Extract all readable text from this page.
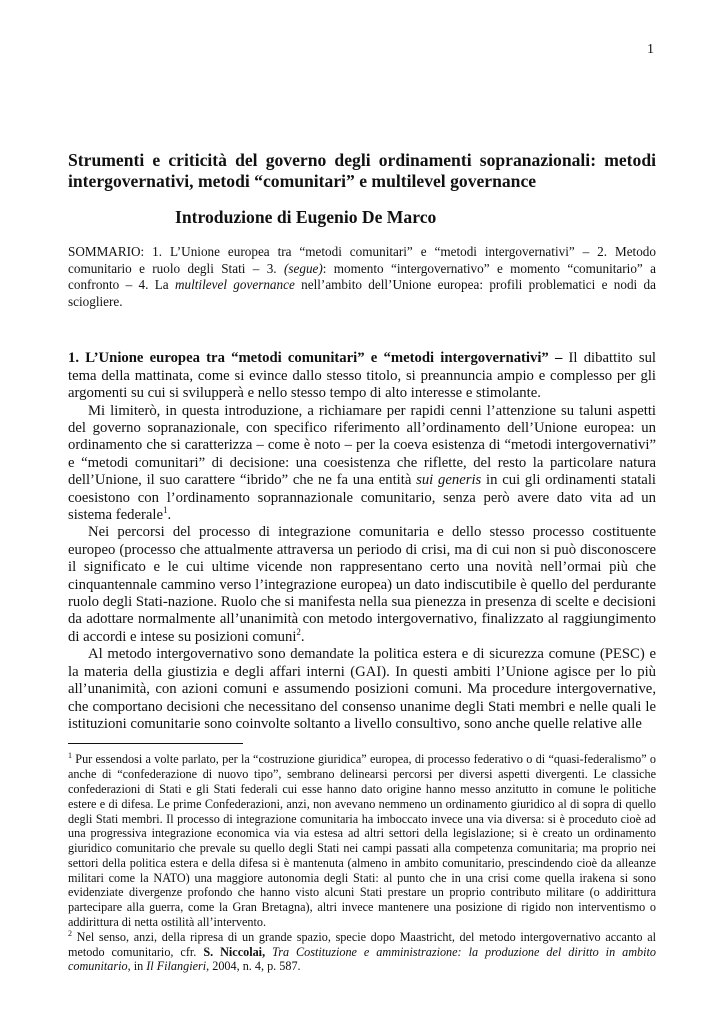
1
Strumenti e criticità del governo degli ordinamenti sopranazionali: metodi intergovernativi, metodi “comunitari” e multilevel governance
Introduzione di Eugenio De Marco

SOMMARIO: 1. L’Unione europea tra “metodi comunitari” e “metodi intergovernativi” – 2. Metodo comunitario e ruolo degli Stati – 3. (segue): momento “intergovernativo” e momento “comunitario” a confronto – 4. La multilevel governance nell’ambito dell’Unione europea: profili problematici e nodi da sciogliere.

1. L’Unione europea tra “metodi comunitari” e “metodi intergovernativi” – Il dibattito sul tema della mattinata, come si evince dallo stesso titolo, si preannuncia ampio e complesso per gli argomenti su cui si svilupperà e nello stesso tempo di alto interesse e stimolante.

Mi limiterò, in questa introduzione, a richiamare per rapidi cenni l’attenzione su taluni aspetti del governo sopranazionale, con specifico riferimento all’ordinamento dell’Unione europea: un ordinamento che si caratterizza – come è noto – per la coeva esistenza di “metodi intergovernativi” e “metodi comunitari” di decisione: una coesistenza che riflette, del resto la particolare natura dell’Unione, il suo carattere “ibrido” che ne fa una entità sui generis in cui gli ordinamenti statali coesistono con l’ordinamento soprannazionale comunitario, senza però avere dato vita ad un sistema federale$^1$.

Nei percorsi del processo di integrazione comunitaria e dello stesso processo costituente europeo (processo che attualmente attraversa un periodo di crisi, ma di cui non si può disconoscere il significato e le cui ultime vicende non rappresentano certo una novità nell’ormai più che cinquantennale cammino verso l’integrazione europea) un dato indiscutibile è quello del perdurante ruolo degli Stati-nazione. Ruolo che si manifesta nella sua pienezza in presenza di scelte e decisioni da adottare normalmente all’unanimità con metodo intergovernativo, finalizzato al raggiungimento di accordi e intese su posizioni comuni$^2$.

Al metodo intergovernativo sono demandate la politica estera e di sicurezza comune (PESC) e la materia della giustizia e degli affari interni (GAI). In questi ambiti l’Unione agisce per lo più all’unanimità, con azioni comuni e assumendo posizioni comuni. Ma procedure intergovernative, che comportano decisioni che necessitano del consenso unanime degli Stati membri e nelle quali le istituzioni comunitarie sono coinvolte soltanto a livello consultivo, sono anche quelle relative alle

$^1$ Pur essendosi a volte parlato, per la “costruzione giuridica” europea, di processo federativo o di “quasi-federalismo” o anche di “confederazione di nuovo tipo”, sembrano delinearsi percorsi per diversi aspetti divergenti. Le classiche confederazioni di Stati e gli Stati federali cui esse hanno dato origine hanno messo anzitutto in comune le politiche estere e di difesa. Le prime Confederazioni, anzi, non avevano nemmeno un ordinamento giuridico al di sopra di quello degli Stati membri. Il processo di integrazione comunitaria ha imboccato invece una via diversa: si è proceduto cioè ad una progressiva integrazione economica via via estesa ad altri settori della legislazione; si è creato un ordinamento giuridico comunitario che prevale su quello degli Stati nei campi passati alla competenza comunitaria; ma proprio nei settori della politica estera e della difesa si è mantenuta (almeno in ambito comunitario, prescindendo cioè da alleanze militari come la NATO) una maggiore autonomia degli Stati: al punto che in una crisi come quella irakena si sono evidenziate divergenze profondo che hanno visto alcuni Stati prestare un proprio contributo militare (o addirittura partecipare alla guerra, come la Gran Bretagna), altri invece mantenere una posizione di rigido non interventismo o addirittura di netta ostilità all’intervento.

$^2$ Nel senso, anzi, della ripresa di un grande spazio, specie dopo Maastricht, del metodo intergovernativo accanto al metodo comunitario, cfr. S. Niccolai, Tra Costituzione e amministrazione: la produzione del diritto in ambito comunitario, in Il Filangieri, 2004, n. 4, p. 587.
